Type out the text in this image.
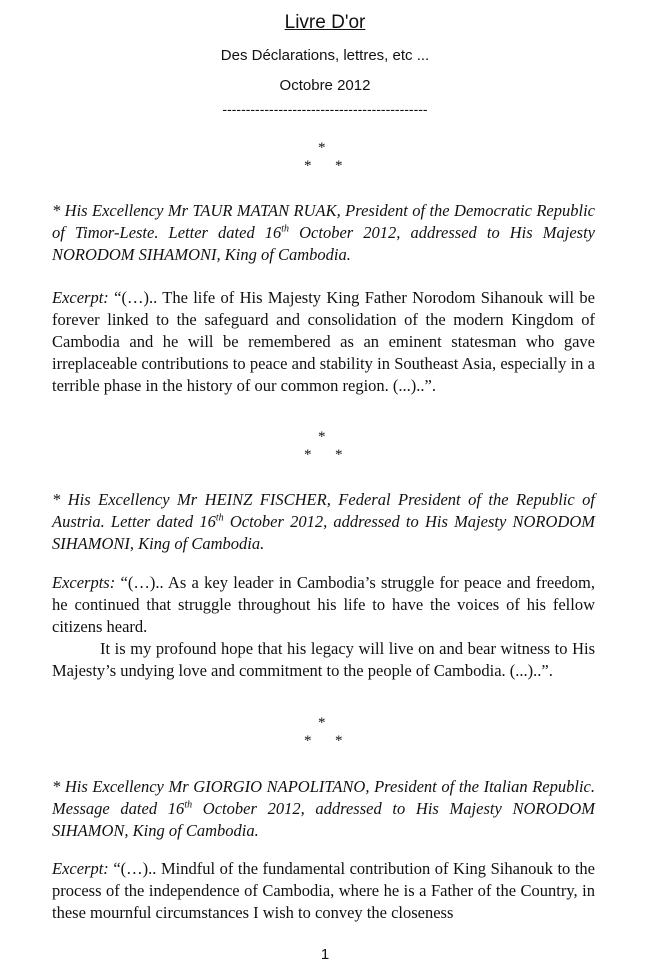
Livre D'or
Des Déclarations, lettres, etc ...
Octobre 2012
--------------------------------------------
*
* *
* His Excellency Mr TAUR MATAN RUAK, President of the Democratic Republic of Timor-Leste. Letter dated 16th October 2012, addressed to His Majesty NORODOM SIHAMONI, King of Cambodia.
Excerpt: “(…).. The life of His Majesty King Father Norodom Sihanouk will be forever linked to the safeguard and consolidation of the modern Kingdom of Cambodia and he will be remembered as an eminent statesman who gave irreplaceable contributions to peace and stability in Southeast Asia, especially in a terrible phase in the history of our common region. (...)..”.
*
* *
* His Excellency Mr HEINZ FISCHER, Federal President of the Republic of Austria. Letter dated 16th October 2012, addressed to His Majesty NORODOM SIHAMONI, King of Cambodia.
Excerpts: “(…).. As a key leader in Cambodia’s struggle for peace and freedom, he continued that struggle throughout his life to have the voices of his fellow citizens heard.
It is my profound hope that his legacy will live on and bear witness to His Majesty’s undying love and commitment to the people of Cambodia. (...)..”.
*
* *
* His Excellency Mr GIORGIO NAPOLITANO, President of the Italian Republic. Message dated 16th October 2012, addressed to His Majesty NORODOM SIHAMON, King of Cambodia.
Excerpt: “(…).. Mindful of the fundamental contribution of King Sihanouk to the process of the independence of Cambodia, where he is a Father of the Country, in these mournful circumstances I wish to convey the closeness
1
